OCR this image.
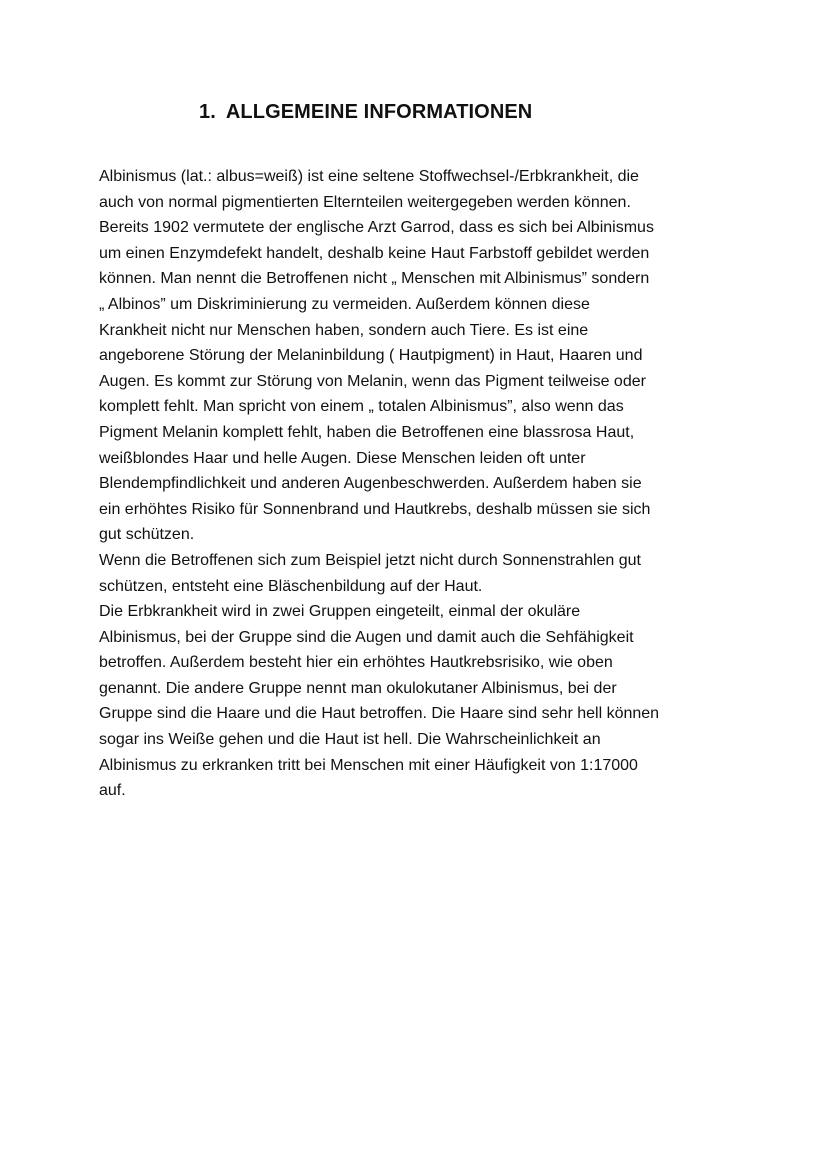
1. ALLGEMEINE INFORMATIONEN
Albinismus (lat.: albus=weiß) ist eine seltene Stoffwechsel-/Erbkrankheit, die
auch von normal pigmentierten Elternteilen weitergegeben werden können.
Bereits 1902 vermutete der englische Arzt Garrod, dass es sich bei Albinismus
um einen Enzymdefekt handelt, deshalb keine Haut Farbstoff gebildet werden
können. Man nennt die Betroffenen nicht „ Menschen mit Albinismus” sondern
„ Albinos” um Diskriminierung zu vermeiden. Außerdem können diese
Krankheit nicht nur Menschen haben, sondern auch Tiere. Es ist eine
angeborene Störung der Melaninbildung ( Hautpigment) in Haut, Haaren und
Augen. Es kommt zur Störung von Melanin, wenn das Pigment teilweise oder
komplett fehlt. Man spricht von einem „ totalen Albinismus”, also wenn das
Pigment Melanin komplett fehlt, haben die Betroffenen eine blassrosa Haut,
weißblondes Haar und helle Augen. Diese Menschen leiden oft unter
Blendempfindlichkeit und anderen Augenbeschwerden. Außerdem haben sie
ein erhöhtes Risiko für Sonnenbrand und Hautkrebs, deshalb müssen sie sich
gut schützen.
Wenn die Betroffenen sich zum Beispiel jetzt nicht durch Sonnenstrahlen gut
schützen, entsteht eine Bläschenbildung auf der Haut.
Die Erbkrankheit wird in zwei Gruppen eingeteilt, einmal der okuläre
Albinismus, bei der Gruppe sind die Augen und damit auch die Sehfähigkeit
betroffen. Außerdem besteht hier ein erhöhtes Hautkrebsrisiko, wie oben
genannt. Die andere Gruppe nennt man okulokutaner Albinismus, bei der
Gruppe sind die Haare und die Haut betroffen. Die Haare sind sehr hell können
sogar ins Weiße gehen und die Haut ist hell. Die Wahrscheinlichkeit an
Albinismus zu erkranken tritt bei Menschen mit einer Häufigkeit von 1:17000
auf.
